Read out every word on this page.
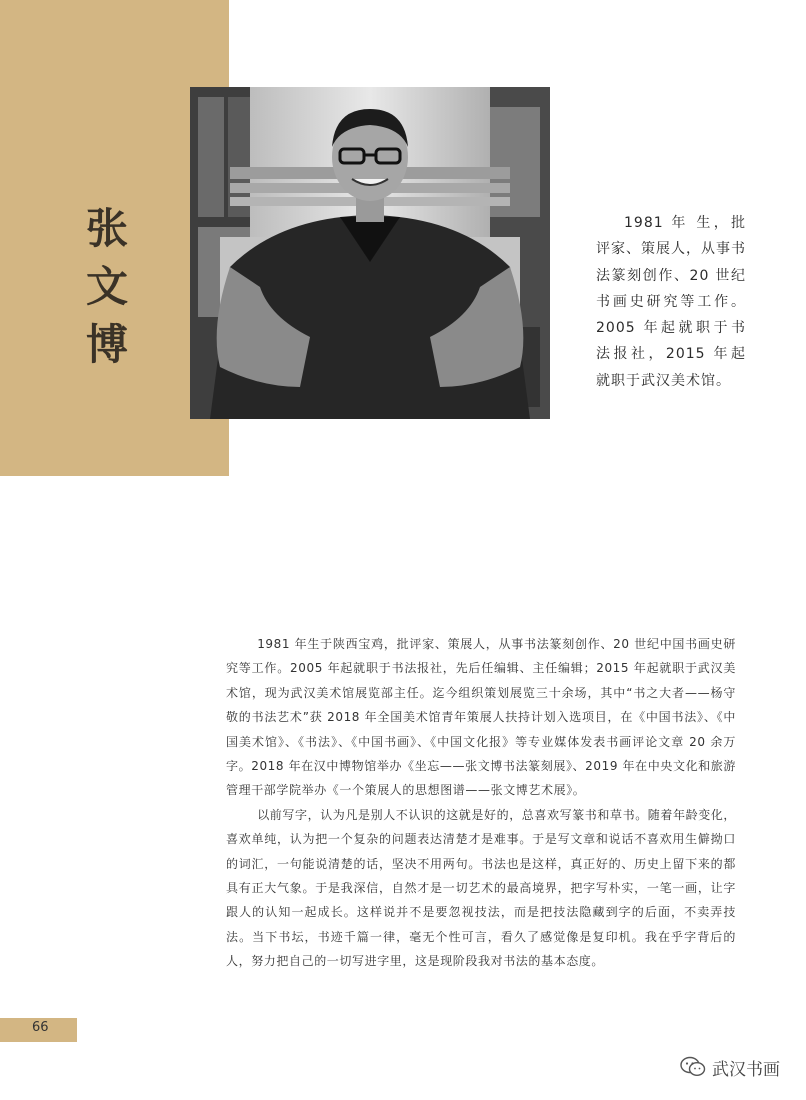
张
文
博

1981 年 生，批评家、策展人，从事书法篆刻创作、20 世纪书画史研究等工作。2005 年起就职于书法报社，2015 年起就职于武汉美术馆。

1981 年生于陕西宝鸡，批评家、策展人，从事书法篆刻创作、20 世纪中国书画史研究等工作。2005 年起就职于书法报社，先后任编辑、主任编辑；2015 年起就职于武汉美术馆，现为武汉美术馆展览部主任。迄今组织策划展览三十余场，其中“书之大者——杨守敬的书法艺术”获 2018 年全国美术馆青年策展人扶持计划入选项目，在《中国书法》、《中国美术馆》、《书法》、《中国书画》、《中国文化报》等专业媒体发表书画评论文章 20 余万字。2018 年在汉中博物馆举办《坐忘——张文博书法篆刻展》、2019 年在中央文化和旅游管理干部学院举办《一个策展人的思想图谱——张文博艺术展》。

以前写字，认为凡是别人不认识的这就是好的，总喜欢写篆书和草书。随着年龄变化，喜欢单纯，认为把一个复杂的问题表达清楚才是难事。于是写文章和说话不喜欢用生僻拗口的词汇，一句能说清楚的话，坚决不用两句。书法也是这样，真正好的、历史上留下来的都具有正大气象。于是我深信，自然才是一切艺术的最高境界，把字写朴实，一笔一画，让字跟人的认知一起成长。这样说并不是要忽视技法，而是把技法隐藏到字的后面，不卖弄技法。当下书坛，书迹千篇一律，毫无个性可言，看久了感觉像是复印机。我在乎字背后的人，努力把自己的一切写进字里，这是现阶段我对书法的基本态度。

66
武汉书画
